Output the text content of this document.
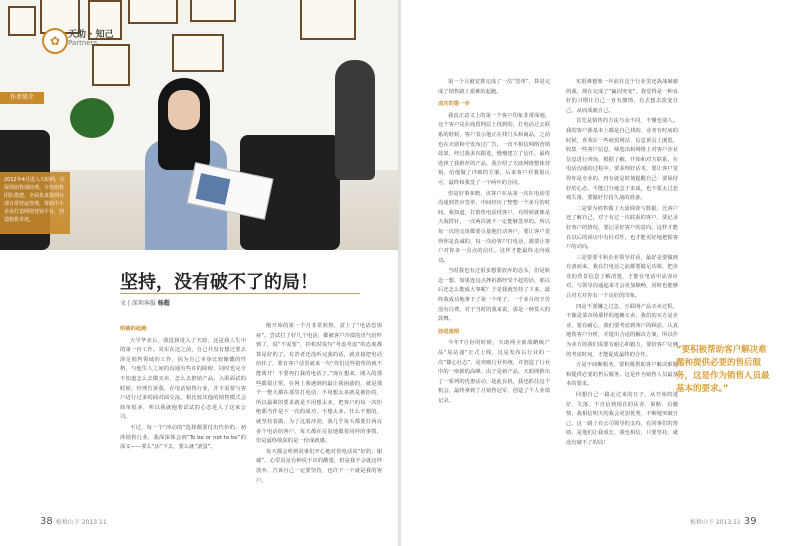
✿ 天助 · 知己
Partners
作者简介
2012年4月进入天助网，任深圳销售部经理。专攻销售团队搭建，全面负责深圳分部日常营运管理，帮助中小企业打造网络营销平台，创造销售奇迹。
坚持，没有破不了的局！
文 | 深圳客服 杨超
明确的起跑

大学毕业后，我选择进入了天助，这是我人生中的第一份工作。其实在这之前，自己并没有想过要去涉足销售领域的工作，因为自己本身比较慷慨的性格，与他生人之间的沟通有些许的障碍，同时也完全不知道怎么去做买卖，怎么去推销产品。入职面试的时候，经理告诉我，在电话销售行业，并不需要与客户进行过多的面对面交流，相比较其他的销售模式会简单很多，所以我就抱着试试的心态进入了这家公司。

不过，每一个“冲动的”选择都要付出代价的，初涉销售行业，我深深体会到“To be or not to be”的深义——要么“活”下去，要么就“滚蛋”。

刚开始的第一个月非常煎熬，意上了“电话恐惧症”。尝试打了好几个电话，都被客户冷漠的语气给吓到了，说“不需要”，挂机时说句“考虑考虑”的态度都算是好的了。有甚者还没听完我的话，就直接把电话给挂了，要有客户话里就来一句“你们这些销售的就不能离开！不要再打我的电话了。”现在想来，刚入的那些都很正常，在网上我遇到的最让我困惑的，就是那个一整天都在那里打电话，不用想太多就是被拒的，所以最紧的要求就是不用想太多，把客户的每一次拒绝都当作是下一次的成功，不想太多。什么不想的，就坚持着做，为了这股冲劲，我几乎每天都要打两百多个电话给客户，每天都在反复地做着同样的事情，但是最终收获的是一份成就感。

每天都会听到同事们开心地对着电话说“好的，谢谢”，心里真是有种说不出的酸楚，但是我不会就这样放弃，告诉自己一定要坚持，也许下一个就是我的客户。

38 植梧山下 2013.11

第一个月被安排完成了一次“签单”，算是完成了销售路上艰难的起跑。

成功的第一步

我真正意义上的第一个客户印象非常深刻，这个客户是在商贸网站上找到的，打电话过去联系的时候，客户表示他正在找门头和商品，之前也在天助和号发布过广告，一直不相信网络营销效果，经过我多次跟进，慢慢建立了信任，最终选择了我推荐的产品，我介绍了天助网络整体营销，给他做了详细的方案，后来客户对我很认可，最终和我签了一个两年的合同。

但是好事多磨，该客户在从第一次在电话里沟通到答应签单，中间经历了整整一个多月的时间。我知道，打销售电话找客户，有时候就像是大海捞针，一次两次就不一定能够签单的。所以每一次的交谈都要尽量地打动客户，要让客户觉得你是真诚的，每一次给客户打电话，都要让客户对你多一点点的信任，这样才能最终走向成功。

当时我也有过很多想要放弃的念头，但是转念一想，如果连这点挫折都经受不起的话，那以后还怎么能成大事呢？于是我就坚持了下来，最终我成功地拿下了第一个单子，一个多月的辛苦没有白费，对于当时的我来说，那是一种莫大的鼓舞。

前进准则

今年7月份的时候，天助网全新战略级产品“易站通”正式上线，这是发布后行业的一次“雄心壮志”，是突破行业传统，并创造了行业中的一座新的高峰。由于是新产品，天助网推出了一系列的优惠活动，趁此良机，我也抓住这个机会，最终拿到了月销售冠军，创造了个人业绩记录。

实很难想象一年前在这个行业里还战战兢兢的我，现在完成了“赢因突变”，我觉得是一种良好的习惯让自己一直有激情，有去想去改变自己，从而成就自己。

首先是销售的方法与众不同，不懂也别人。我的客户源基本上都是自己找的，业务有时间的时候，喜欢在一些商贸网站、信息黄页上浏览，收集一些客户信息，筛选出和网络上对客户企业信息进行查询，根据了解，开始和对方联系，在电话沟通的过程中，要多理好话术，要让客户觉得你是专业的，再有就是时刻提醒自己：要保持好的心态，不能过分地急于求成，也不要太过悲观失落，要做好打持久战的准备。

二是要为销售做了大量调查与数据，比客户还了解自己，对于有过一次联系的客户，要记录好客户的情况，要记录好客户的意向，这样才能在以后的回访中有针对性，也才能更好地把握客户的动向。

三是要要平和企业领导对话，最好是要做到有备而来，我在打电话之前都要做足功课，把企业的背景信息了解清楚，才能在电话中从容应对，与领导沟通起来才会更加顺畅，同时也能够让对方对你有一个良好的印象。

四是不要嫌之过急，互联网产品买卖过程，不像是菜市场那样的地摊买卖，我们的买方是企业，要有耐心，我们要考虑到客户的顾虑，认真地帮客户分析，并提出合适的解决方案，所以作为卖方的我们需要有耐心和毅力，要给客户足够的考虑时间，才能促成最终的合作。

五是不间断服务，要积极帮助客户解决难题和提供必要的售后服务，这是作为销售人员最基本的要求。

回想自己一路走过来的日子，从开始的迷茫、失落、不自信到现在的从容、果断、有激情，我相信明天的我会更加优秀，不断地突破自己，这一路上有公司领导的支持，有同事们的帮助，是他们让我成长，我也相信，只要坚持，就没有破不了的局！

植梧山下 2013.11 39
“要积极帮助客户解决难题和提供必要的售后服务，这是作为销售人员最基本的要求。”
